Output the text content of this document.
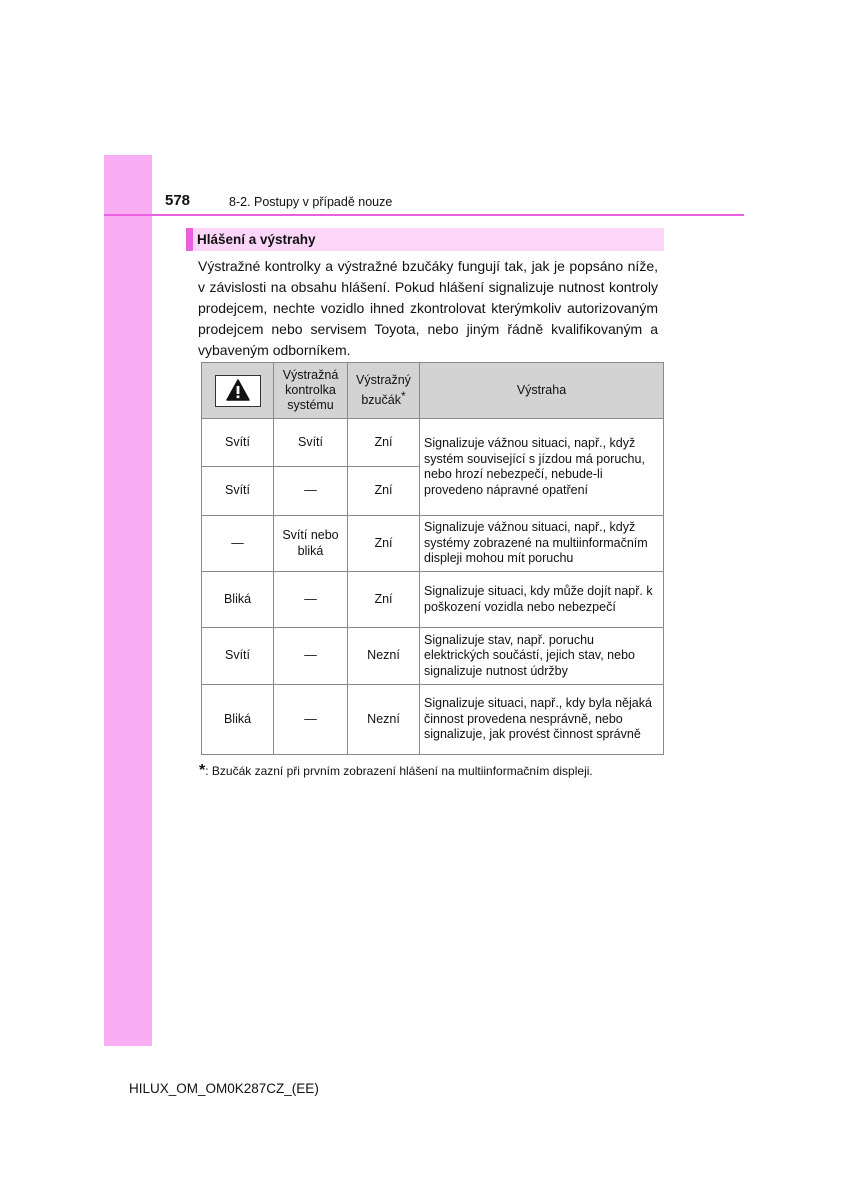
578	8-2. Postupy v případě nouze
Hlášení a výstrahy

Výstražné kontrolky a výstražné bzučáky fungují tak, jak je popsáno níže, v závislosti na obsahu hlášení. Pokud hlášení signalizuje nutnost kontroly prodejcem, nechte vozidlo ihned zkontrolovat kterýmkoliv autorizovaným prodejcem nebo servisem Toyota, nebo jiným řádně kvalifikovaným a vybaveným odborníkem.

	Výstražná kontrolka systému	Výstražný bzučák*	Výstraha
Svítí	Svítí	Zní	Signalizuje vážnou situaci, např., když systém související s jízdou má poruchu, nebo hrozí nebezpečí, nebude-li provedeno nápravné opatření
Svítí	—	Zní	
—	Svítí nebo bliká	Zní	Signalizuje vážnou situaci, např., když systémy zobrazené na multiinformačním displeji mohou mít poruchu
Bliká	—	Zní	Signalizuje situaci, kdy může dojít např. k poškození vozidla nebo nebezpečí
Svítí	—	Nezní	Signalizuje stav, např. poruchu elektrických součástí, jejich stav, nebo signalizuje nutnost údržby
Bliká	—	Nezní	Signalizuje situaci, např., kdy byla nějaká činnost provedena nesprávně, nebo signalizuje, jak provést činnost správně
*: Bzučák zazní při prvním zobrazení hlášení na multiinformačním displeji.
HILUX_OM_OM0K287CZ_(EE)
